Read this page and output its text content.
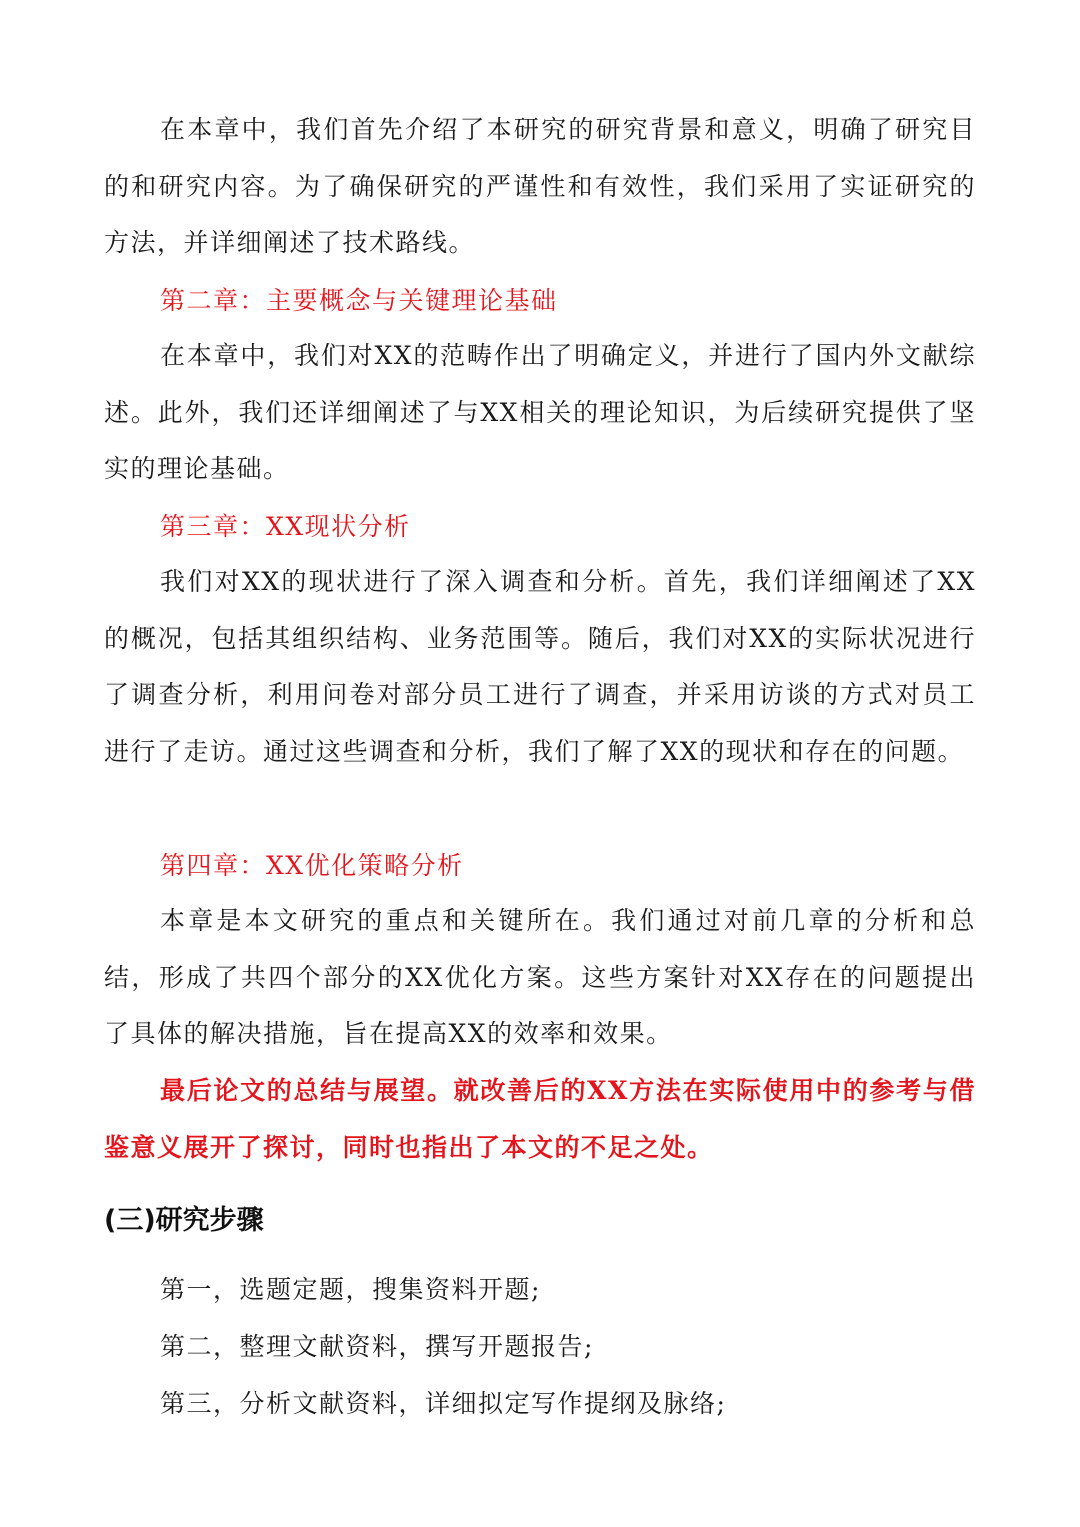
在本章中，我们首先介绍了本研究的研究背景和意义，明确了研究目的和研究内容。为了确保研究的严谨性和有效性，我们采用了实证研究的方法，并详细阐述了技术路线。

第二章：主要概念与关键理论基础

在本章中，我们对XX的范畴作出了明确定义，并进行了国内外文献综述。此外，我们还详细阐述了与XX相关的理论知识，为后续研究提供了坚实的理论基础。

第三章：XX现状分析

我们对XX的现状进行了深入调查和分析。首先，我们详细阐述了XX的概况，包括其组织结构、业务范围等。随后，我们对XX的实际状况进行了调查分析，利用问卷对部分员工进行了调查，并采用访谈的方式对员工进行了走访。通过这些调查和分析，我们了解了XX的现状和存在的问题。

第四章：XX优化策略分析

本章是本文研究的重点和关键所在。我们通过对前几章的分析和总结，形成了共四个部分的XX优化方案。这些方案针对XX存在的问题提出了具体的解决措施，旨在提高XX的效率和效果。

最后论文的总结与展望。就改善后的XX方法在实际使用中的参考与借鉴意义展开了探讨，同时也指出了本文的不足之处。

(三)研究步骤

第一，选题定题，搜集资料开题;

第二，整理文献资料，撰写开题报告;

第三，分析文献资料，详细拟定写作提纲及脉络;
